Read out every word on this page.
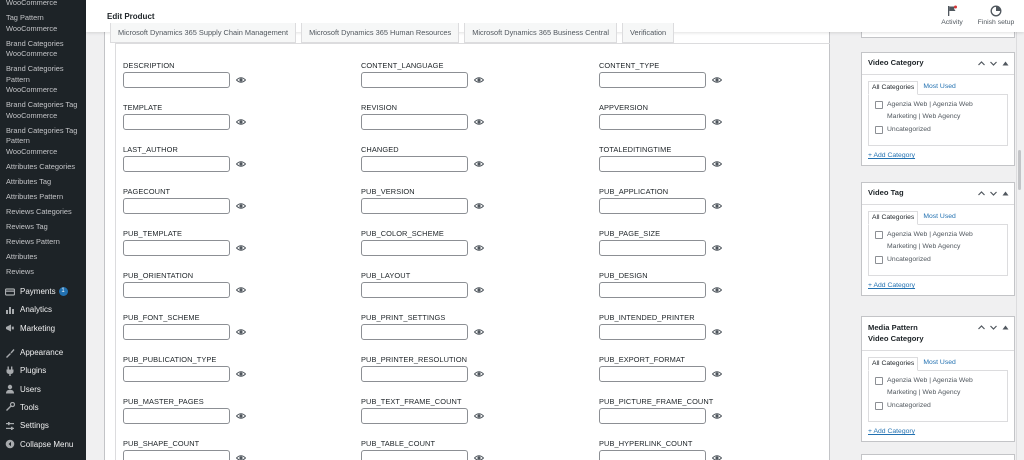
WooCommerce
Tag Pattern WooCommerce
Brand Categories WooCommerce
Brand Categories Pattern WooCommerce
Brand Categories Tag WooCommerce
Brand Categories Tag Pattern WooCommerce
Attributes Categories
Attributes Tag
Attributes Pattern
Reviews Categories
Reviews Tag
Reviews Pattern
Attributes
Reviews
Payments 1
Analytics
Marketing
Appearance
Plugins
Users
Tools
Settings
Collapse Menu
Microsoft Dynamics 365 Supply Chain Management	Microsoft Dynamics 365 Human Resources	Microsoft Dynamics 365 Business Central	Verification
DESCRIPTION	CONTENT_LANGUAGE	CONTENT_TYPE
TEMPLATE	REVISION	APPVERSION
LAST_AUTHOR	CHANGED	TOTALEDITINGTIME
PAGECOUNT	PUB_VERSION	PUB_APPLICATION
PUB_TEMPLATE	PUB_COLOR_SCHEME	PUB_PAGE_SIZE
PUB_ORIENTATION	PUB_LAYOUT	PUB_DESIGN
PUB_FONT_SCHEME	PUB_PRINT_SETTINGS	PUB_INTENDED_PRINTER
PUB_PUBLICATION_TYPE	PUB_PRINTER_RESOLUTION	PUB_EXPORT_FORMAT
PUB_MASTER_PAGES	PUB_TEXT_FRAME_COUNT	PUB_PICTURE_FRAME_COUNT
PUB_SHAPE_COUNT	PUB_TABLE_COUNT	PUB_HYPERLINK_COUNT
Edit Product
Activity	Finish setup
Video Category
All Categories	Most Used
Agenzia Web | Agenzia Web Marketing | Web Agency
Uncategorized
+ Add Category
Video Tag
All Categories	Most Used
Agenzia Web | Agenzia Web Marketing | Web Agency
Uncategorized
+ Add Category
Media Pattern Video Category
All Categories	Most Used
Agenzia Web | Agenzia Web Marketing | Web Agency
Uncategorized
+ Add Category
